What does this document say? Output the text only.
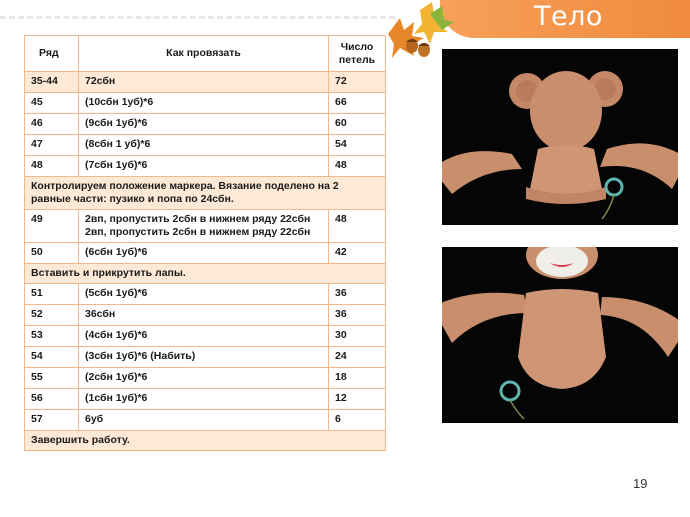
Тело
Ряд	Как провязать	Число петель
35-44	72сбн	72
45	(10сбн 1уб)*6	66
46	(9сбн 1уб)*6	60
47	(8сбн 1 уб)*6	54
48	(7сбн 1уб)*6	48
Контролируем положение маркера. Вязание поделено на 2 равные части: пузико и попа по 24сбн.		
49	2вп, пропустить 2сбн в нижнем ряду 22сбн
2вп, пропустить 2сбн в нижнем ряду 22сбн	48
50	(6сбн 1уб)*6	42
Вставить и прикрутить лапы.		
51	(5сбн 1уб)*6	36
52	36сбн	36
53	(4сбн 1уб)*6	30
54	(3сбн 1уб)*6 (Набить)	24
55	(2сбн 1уб)*6	18
56	(1сбн 1уб)*6	12
57	6уб	6
Завершить работу.		
19
